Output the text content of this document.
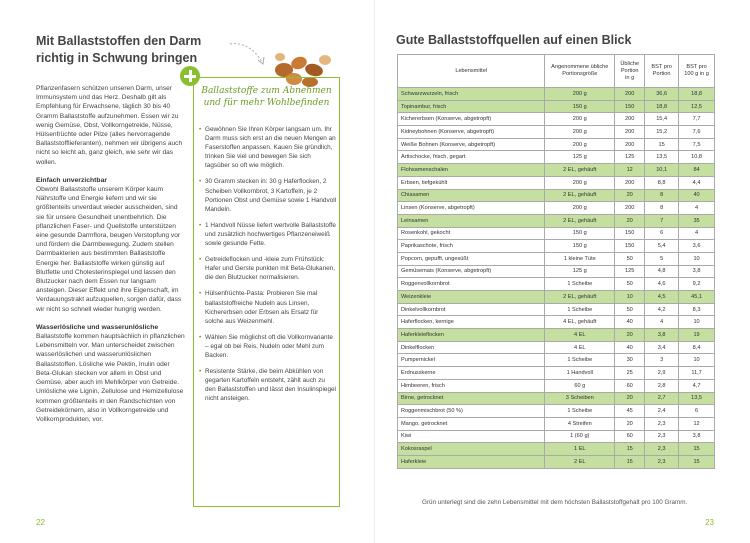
Mit Ballaststoffen den Darm
richtig in Schwung bringen

Pflanzenfasern schützen unseren Darm, unser Immunsystem und das Herz. Deshalb gilt als Empfehlung für Erwachsene, täglich 30 bis 40 Gramm Ballaststoffe aufzunehmen. Essen wir zu wenig Gemüse, Obst, Vollkorngetreide, Nüsse, Hülsenfrüchte oder Pilze (alles hervorragende Ballaststofflieferanten), nehmen wir übrigens auch nicht so leicht ab, ganz gleich, wie sehr wir das wollen.

Einfach unverzichtbar

Obwohl Ballaststoffe unserem Körper kaum Nährstoffe und Energie liefern und wir sie größtenteils unverdaut wieder ausscheiden, sind sie für unsere Gesundheit unentbehrlich. Die pflanzlichen Faser- und Quellstoffe unterstützen eine gesunde Darmflora, beugen Verstopfung vor und fördern die Darmbewegung. Zudem stellen Darmbakterien aus bestimmten Ballaststoffe Energie her. Ballaststoffe wirken günstig auf Blutfette und Cholesterinspiegel und lassen den Blutzucker nach dem Essen nur langsam ansteigen. Dieser Effekt und ihre Eigenschaft, im Verdauungstrakt aufzuquellen, sorgen dafür, dass wir nicht so schnell wieder hungrig werden.

Wasserlösliche und wasserunlösliche

Ballaststoffe kommen hauptsächlich in pflanzlichen Lebensmitteln vor. Man unterscheidet zwischen wasserlöslichen und wasserunlöslichen Ballaststoffen. Lösliche wie Pektin, Inulin oder Beta-Glukan stecken vor allem in Obst und Gemüse, aber auch im Mehlkörper von Getreide. Unlösliche wie Lignin, Zellulose und Hemizellulose kommen größtenteils in den Randschichten von Getreidekörnern, also in Vollkorngetreide und Vollkornprodukten, vor.

Ballaststoffe zum Abnehmen und für mehr Wohlbefinden
• Gewöhnen Sie Ihren Körper langsam um. Ihr Darm muss sich erst an die neuen Mengen an Faserstoffen anpassen. Kauen Sie gründlich, trinken Sie viel und bewegen Sie sich tagsüber so oft wie möglich.
• 30 Gramm stecken in: 30 g Haferflocken, 2 Scheiben Vollkornbrot, 3 Kartoffeln, je 2 Portionen Obst und Gemüse sowie 1 Handvoll Mandeln.
• 1 Handvoll Nüsse liefert wertvolle Ballaststoffe und zusätzlich hochwertiges Pflanzeneiweiß sowie gesunde Fette.
• Getreideflocken und -kleie zum Frühstück: Hafer und Gerste punkten mit Beta-Glukanen, die den Blutzucker normalisieren.
• Hülsenfrüchte-Pasta: Probieren Sie mal ballaststoffreiche Nudeln aus Linsen, Kichererbsen oder Erbsen als Ersatz für solche aus Weizenmehl.
• Wählen Sie möglichst oft die Vollkornvariante – egal ob bei Reis, Nudeln oder Mehl zum Backen.
• Resistente Stärke, die beim Abkühlen von gegarten Kartoffeln entsteht, zählt auch zu den Ballaststoffen und lässt den Insulinspiegel nicht ansteigen.
22
Gute Ballaststoffquellen auf einen Blick
Lebensmittel	Angenommene übliche Portionsgröße	Übliche Portion in g	BST pro Portion	BST pro 100 g in g
Schwarzwurzeln, frisch	200 g	200	36,6	18,8
Topinambur, frisch	150 g	150	18,8	12,5
Kichererbsen (Konserve, abgetropft)	200 g	200	15,4	7,7
Kidneybohnen (Konserve, abgetropft)	200 g	200	15,2	7,6
Weiße Bohnen (Konserve, abgetropft)	200 g	200	15	7,5
Artischocke, frisch, gegart	125 g	125	13,5	10,8
Flohsamenschalen	2 EL, gehäuft	12	10,1	84
Erbsen, tiefgekühlt	200 g	200	8,8	4,4
Chiasamen	2 EL, gehäuft	20	8	40
Linsen (Konserve, abgetropft)	200 g	200	8	4
Leinsamen	2 EL, gehäuft	20	7	35
Rosenkohl, gekocht	150 g	150	6	4
Paprikaschote, frisch	150 g	150	5,4	3,6
Popcorn, gepufft, ungesüßt	1 kleine Tüte	50	5	10
Gemüsemais (Konserve, abgetropft)	125 g	125	4,8	3,8
Roggenvollkornbrot	1 Scheibe	50	4,6	9,2
Weizenkleie	2 EL, gehäuft	10	4,5	45,1
Dinkelvollkornbrot	1 Scheibe	50	4,2	8,3
Haferflocken, kernige	4 EL, gehäuft	40	4	10
Haferkleieflocken	4 EL	20	3,8	19
Dinkelflocken	4 EL	40	3,4	8,4
Pumpernickel	1 Scheibe	30	3	10
Erdnusskerne	1 Handvoll	25	2,9	11,7
Himbeeren, frisch	60 g	60	2,8	4,7
Birne, getrocknet	3 Scheiben	20	2,7	13,5
Roggenmischbrot (50 %)	1 Scheibe	45	2,4	6
Mango, getrocknet	4 Streifen	20	2,3	12
Kiwi	1 (60 g)	60	2,3	3,8
Kokosraspel	1 EL	15	2,3	15
Haferkleie	2 EL	15	2,3	15
Grün unterlegt sind die zehn Lebensmittel mit dem höchsten Ballaststoffgehalt pro 100 Gramm.
23
